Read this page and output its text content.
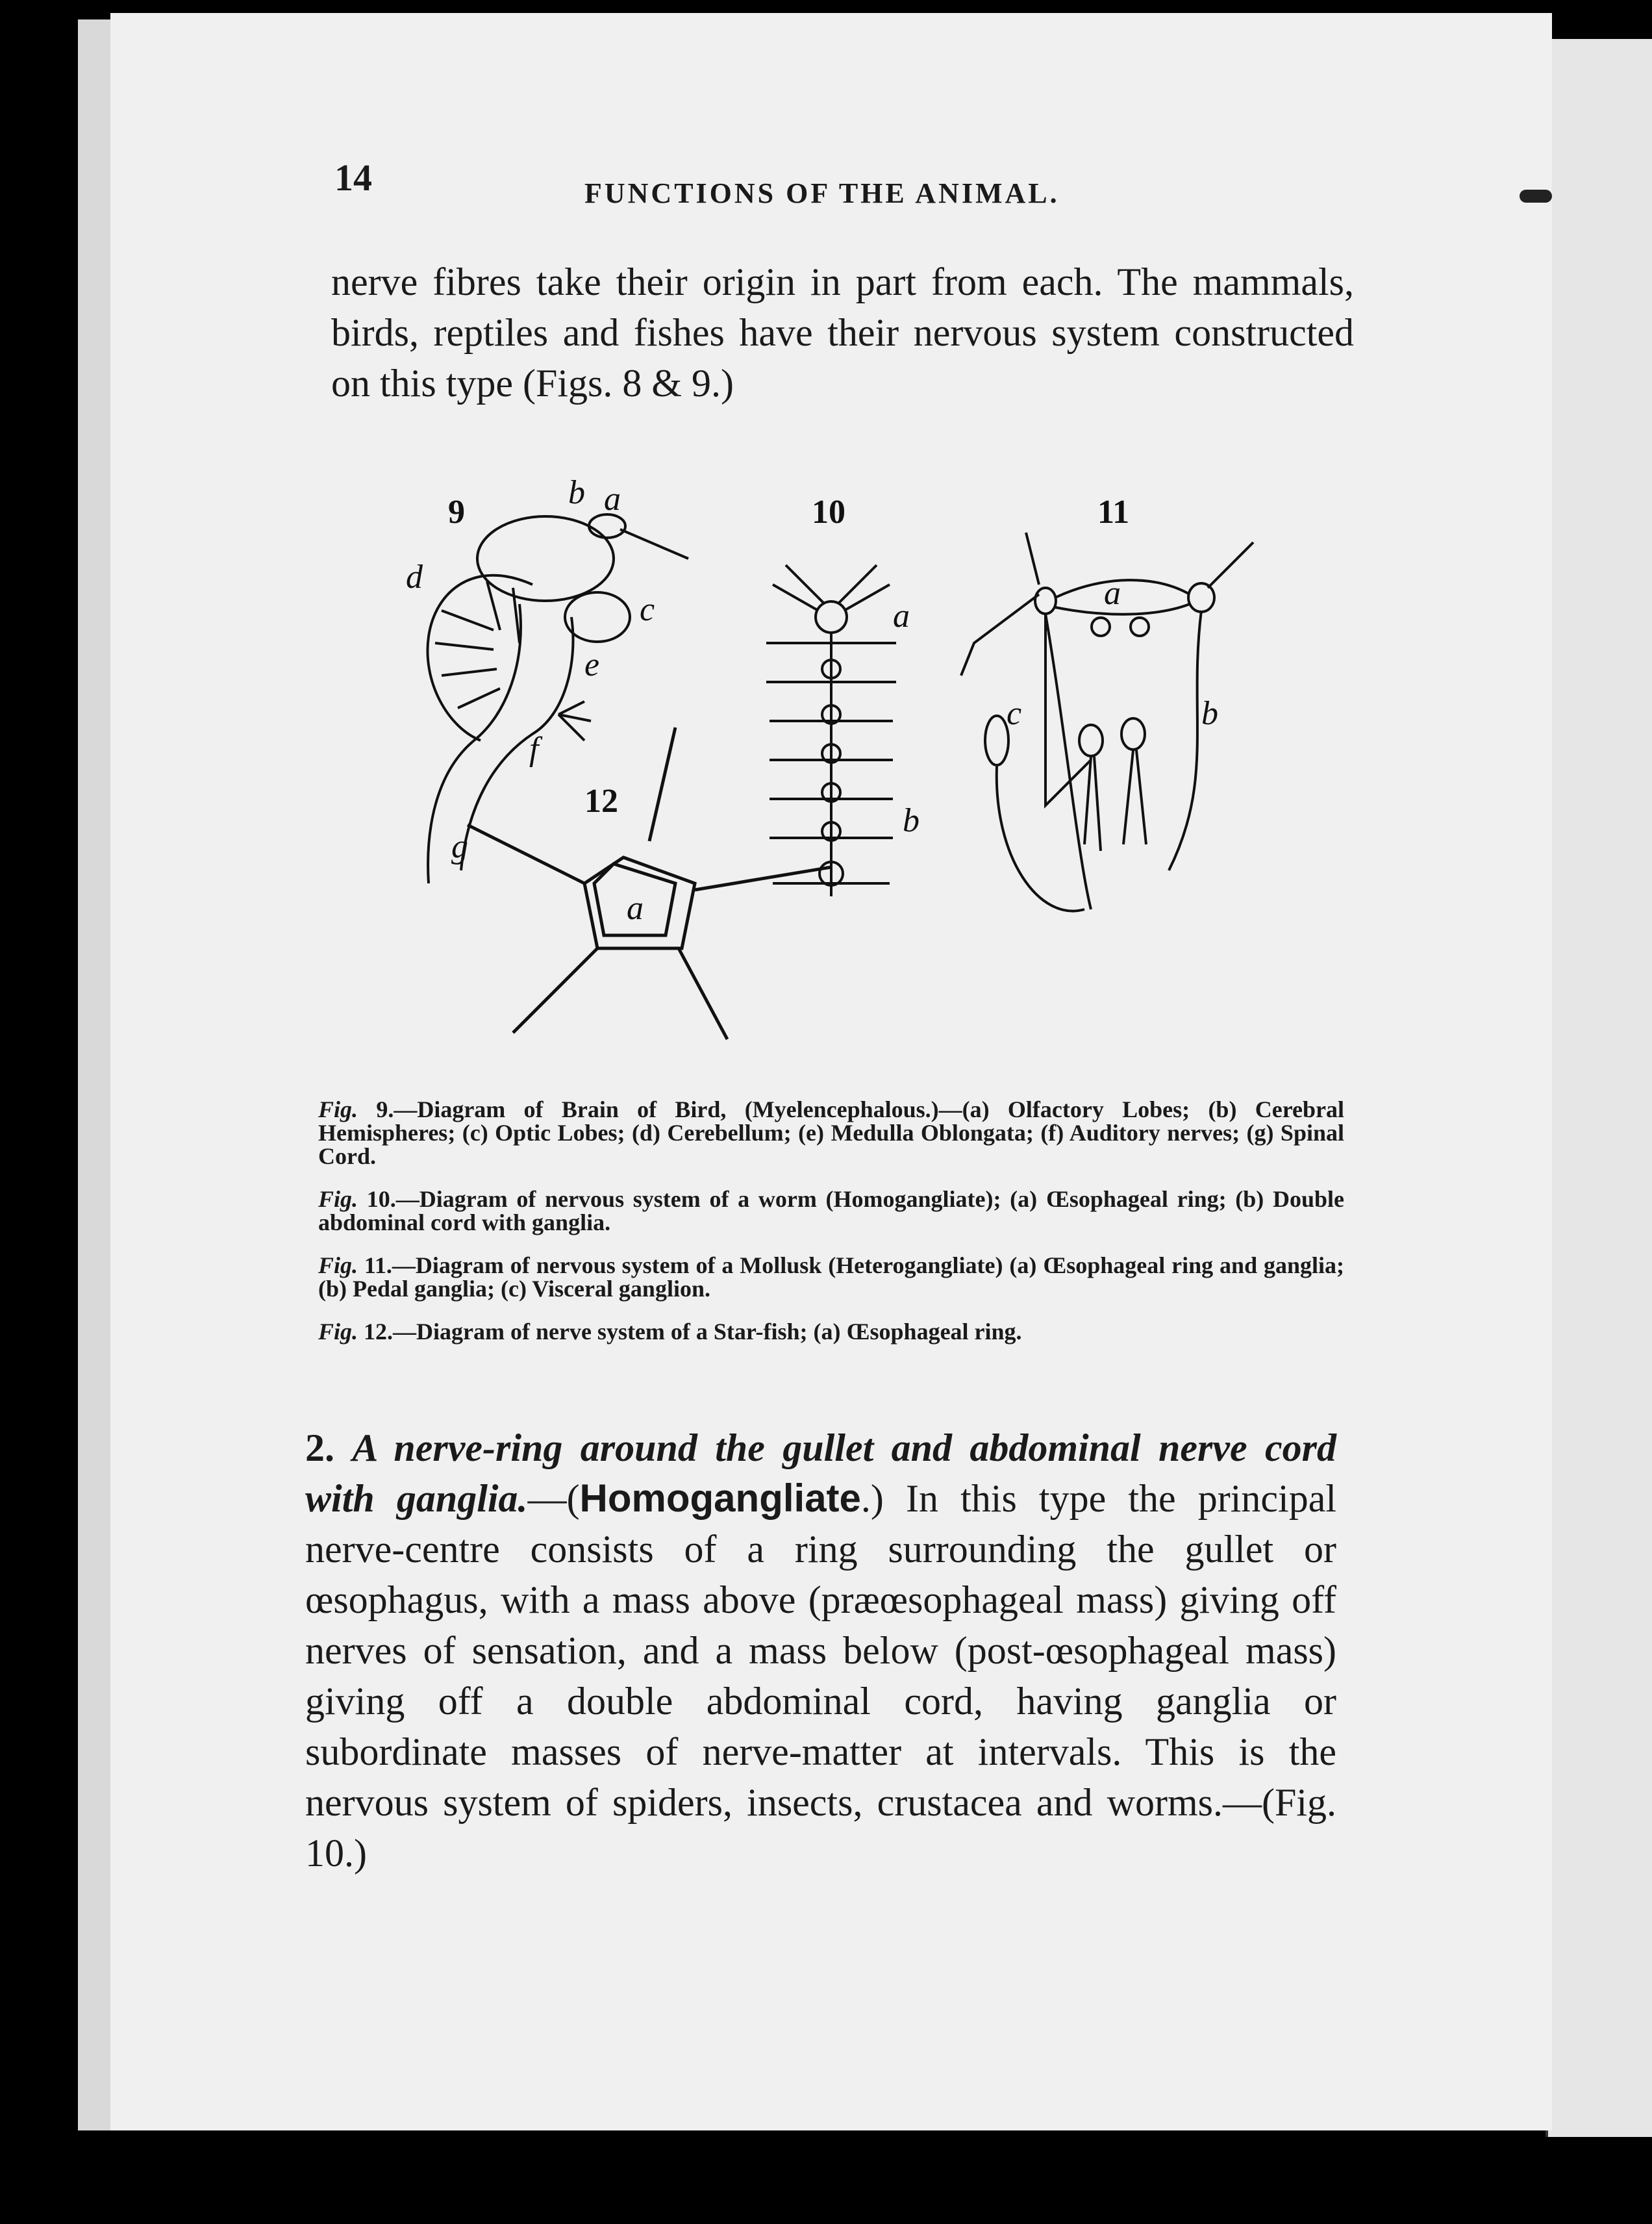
14	FUNCTIONS OF THE ANIMAL.

nerve fibres take their origin in part from each. The mammals, birds, reptiles and fishes have their nervous system constructed on this type (Figs. 8 & 9.)

9	a
b
c
d
e
f
g
10
a
b
11
a
b
c
12
a

Fig. 9.—Diagram of Brain of Bird, (Myelencephalous.)—(a) Olfactory Lobes; (b) Cerebral Hemispheres; (c) Optic Lobes; (d) Cerebellum; (e) Medulla Oblongata; (f) Auditory nerves; (g) Spinal Cord.

Fig. 10.—Diagram of nervous system of a worm (Homogangliate); (a) Œsophageal ring; (b) Double abdominal cord with ganglia.

Fig. 11.—Diagram of nervous system of a Mollusk (Heterogangliate) (a) Œsophageal ring and ganglia; (b) Pedal ganglia; (c) Visceral ganglion.

Fig. 12.—Diagram of nerve system of a Star-fish; (a) Œsophageal ring.

2. A nerve-ring around the gullet and abdominal nerve cord with ganglia.—(Homogangliate.) In this type the principal nerve-centre consists of a ring surrounding the gullet or œsophagus, with a mass above (præœsophageal mass) giving off nerves of sensation, and a mass below (post-œsophageal mass) giving off a double abdominal cord, having ganglia or subordinate masses of nerve-matter at intervals. This is the nervous system of spiders, insects, crustacea and worms.—(Fig. 10.)
